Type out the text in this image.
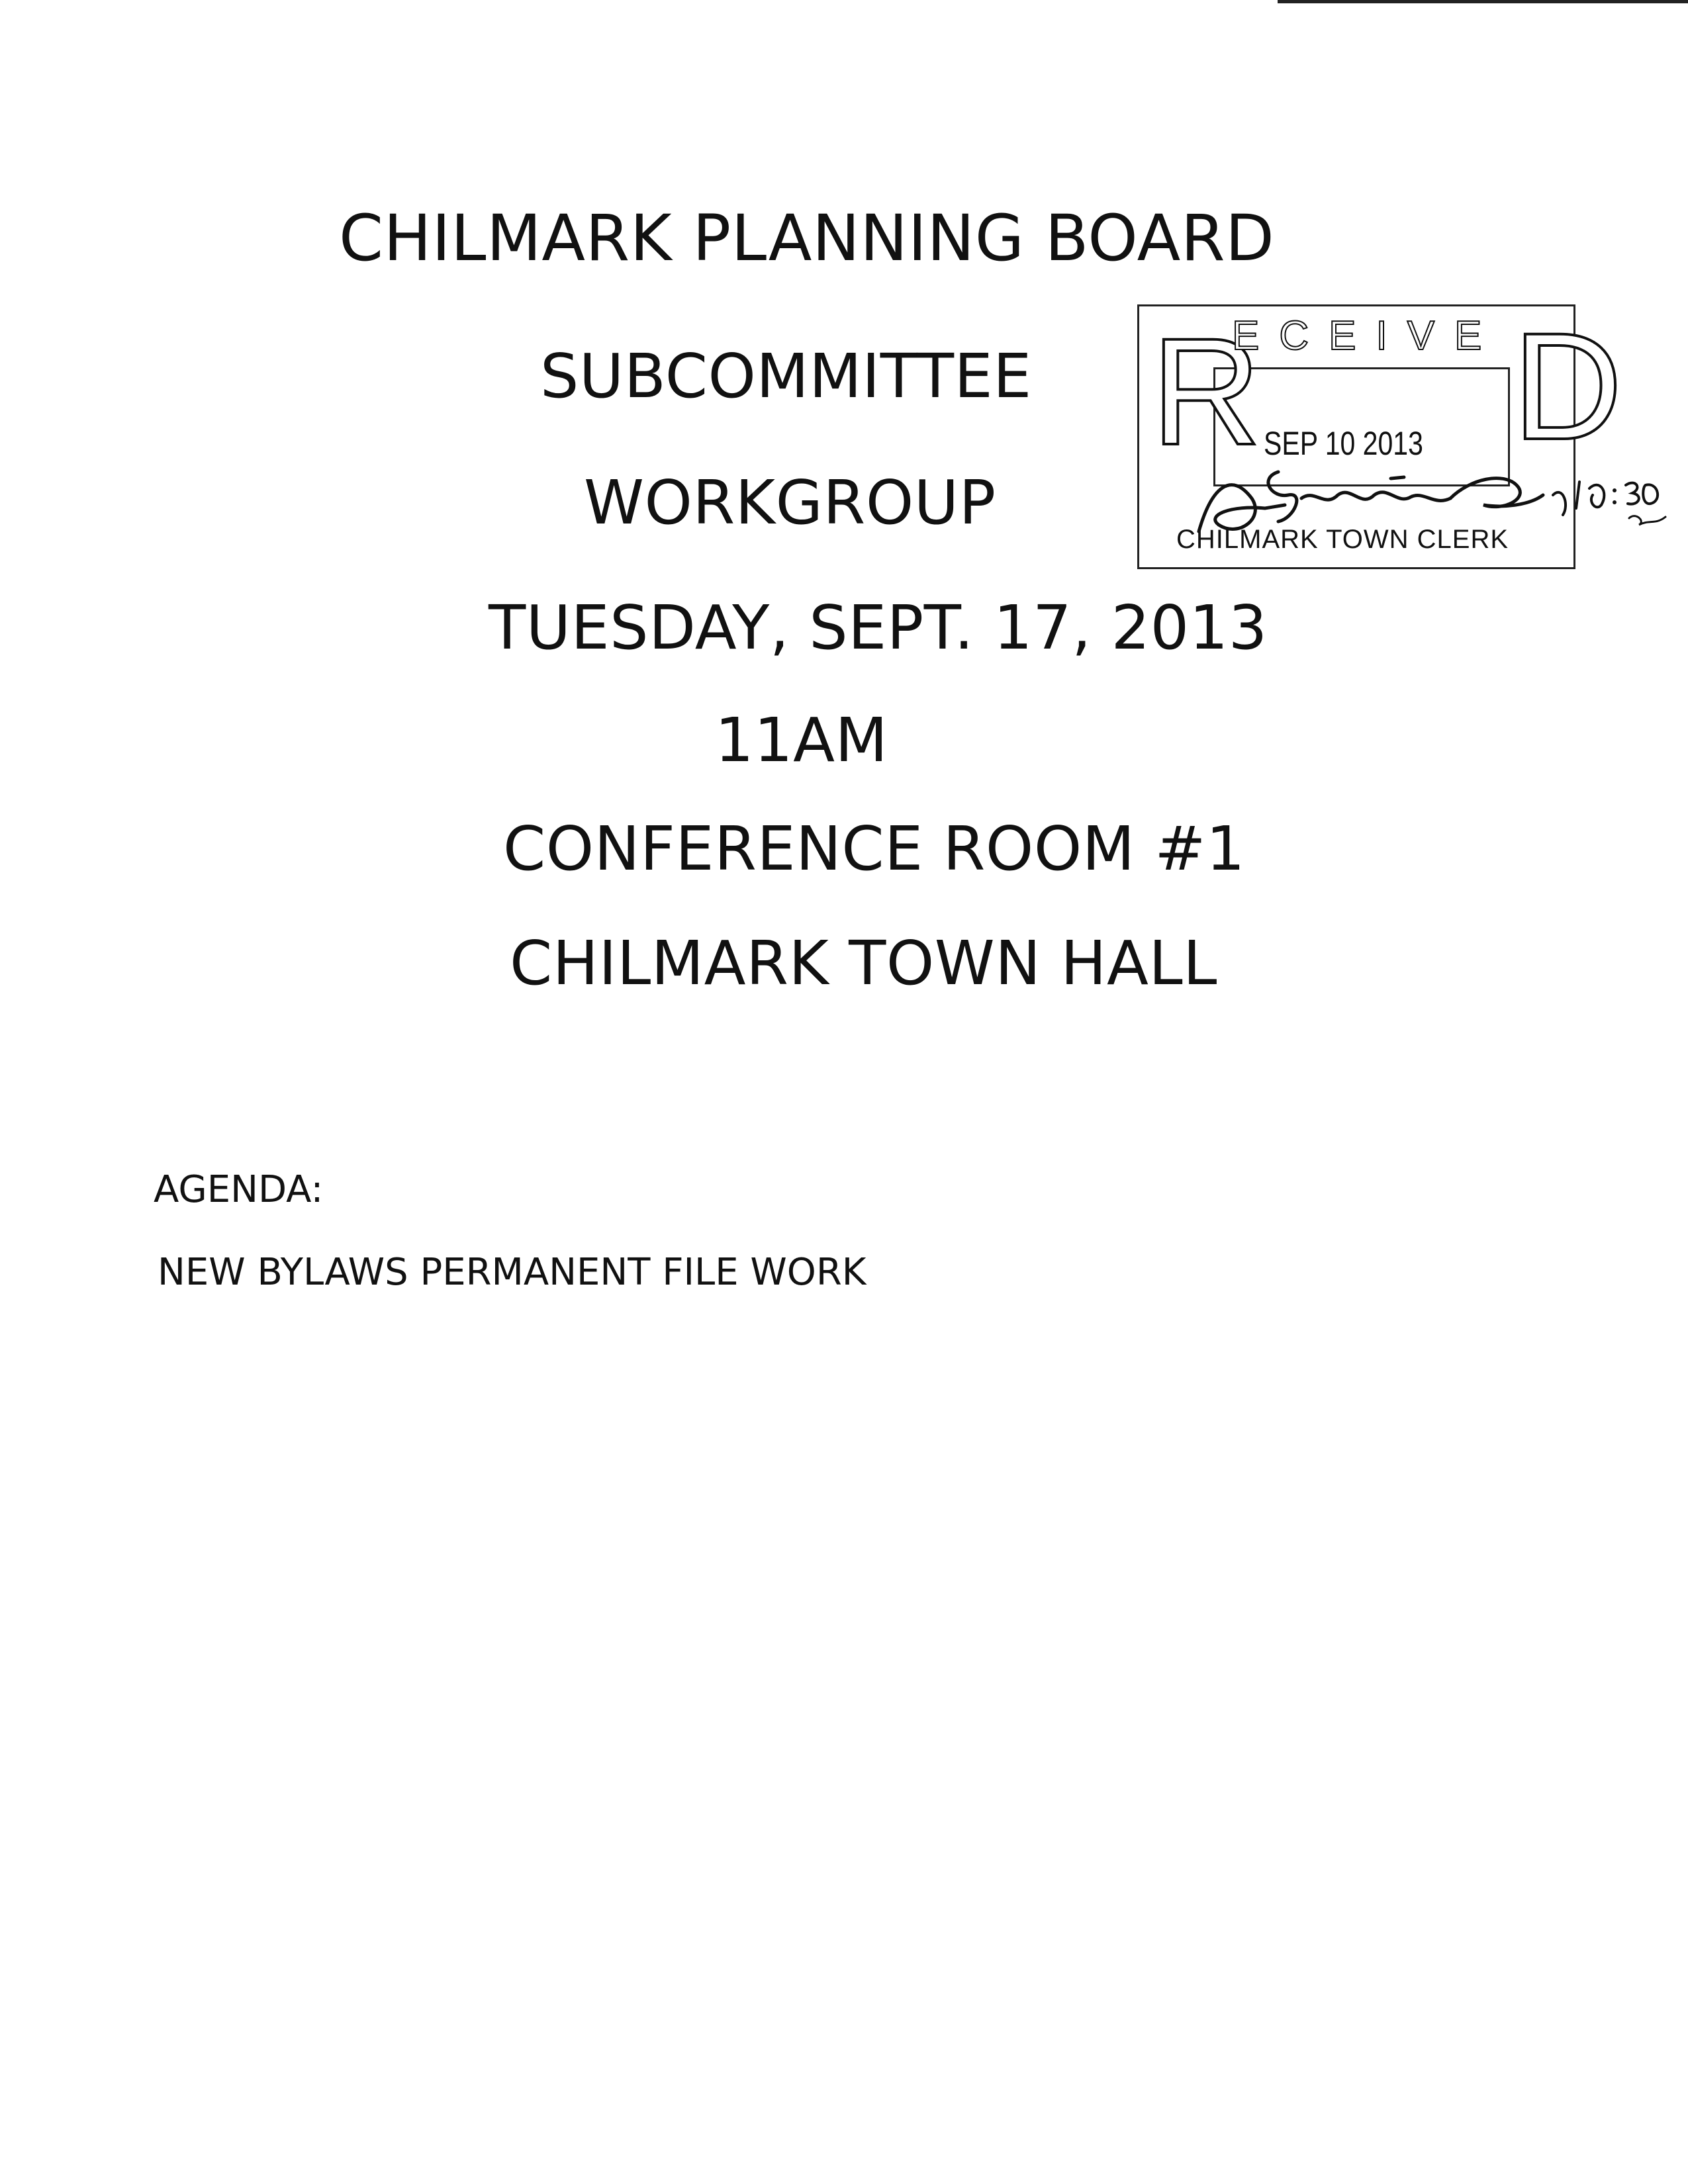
CHILMARK PLANNING BOARD
SUBCOMMITTEE
WORKGROUP
TUESDAY, SEPT. 17, 2013
11AM
CONFERENCE ROOM #1
CHILMARK TOWN HALL
AGENDA:
NEW BYLAWS PERMANENT FILE WORK
R
ECEIVE D
SEP 10 2013
CHILMARK TOWN CLERK
